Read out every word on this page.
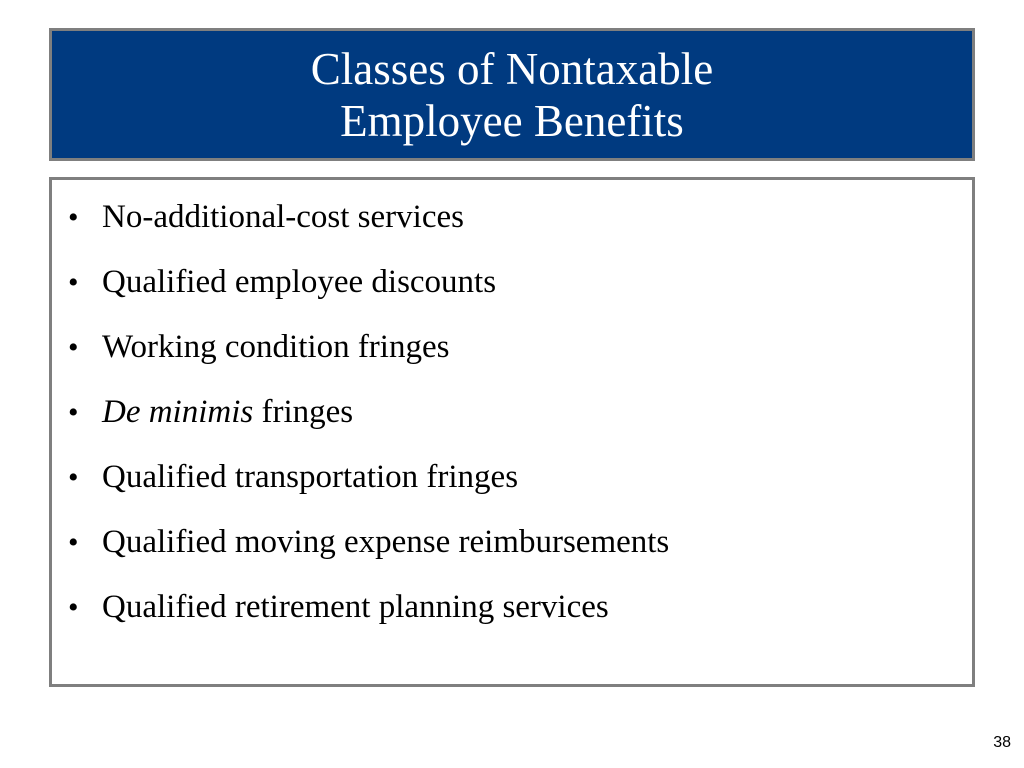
Classes of Nontaxable
Employee Benefits
• No-additional-cost services
• Qualified employee discounts
• Working condition fringes
• De minimis fringes
• Qualified transportation fringes
• Qualified moving expense reimbursements
• Qualified retirement planning services
38
